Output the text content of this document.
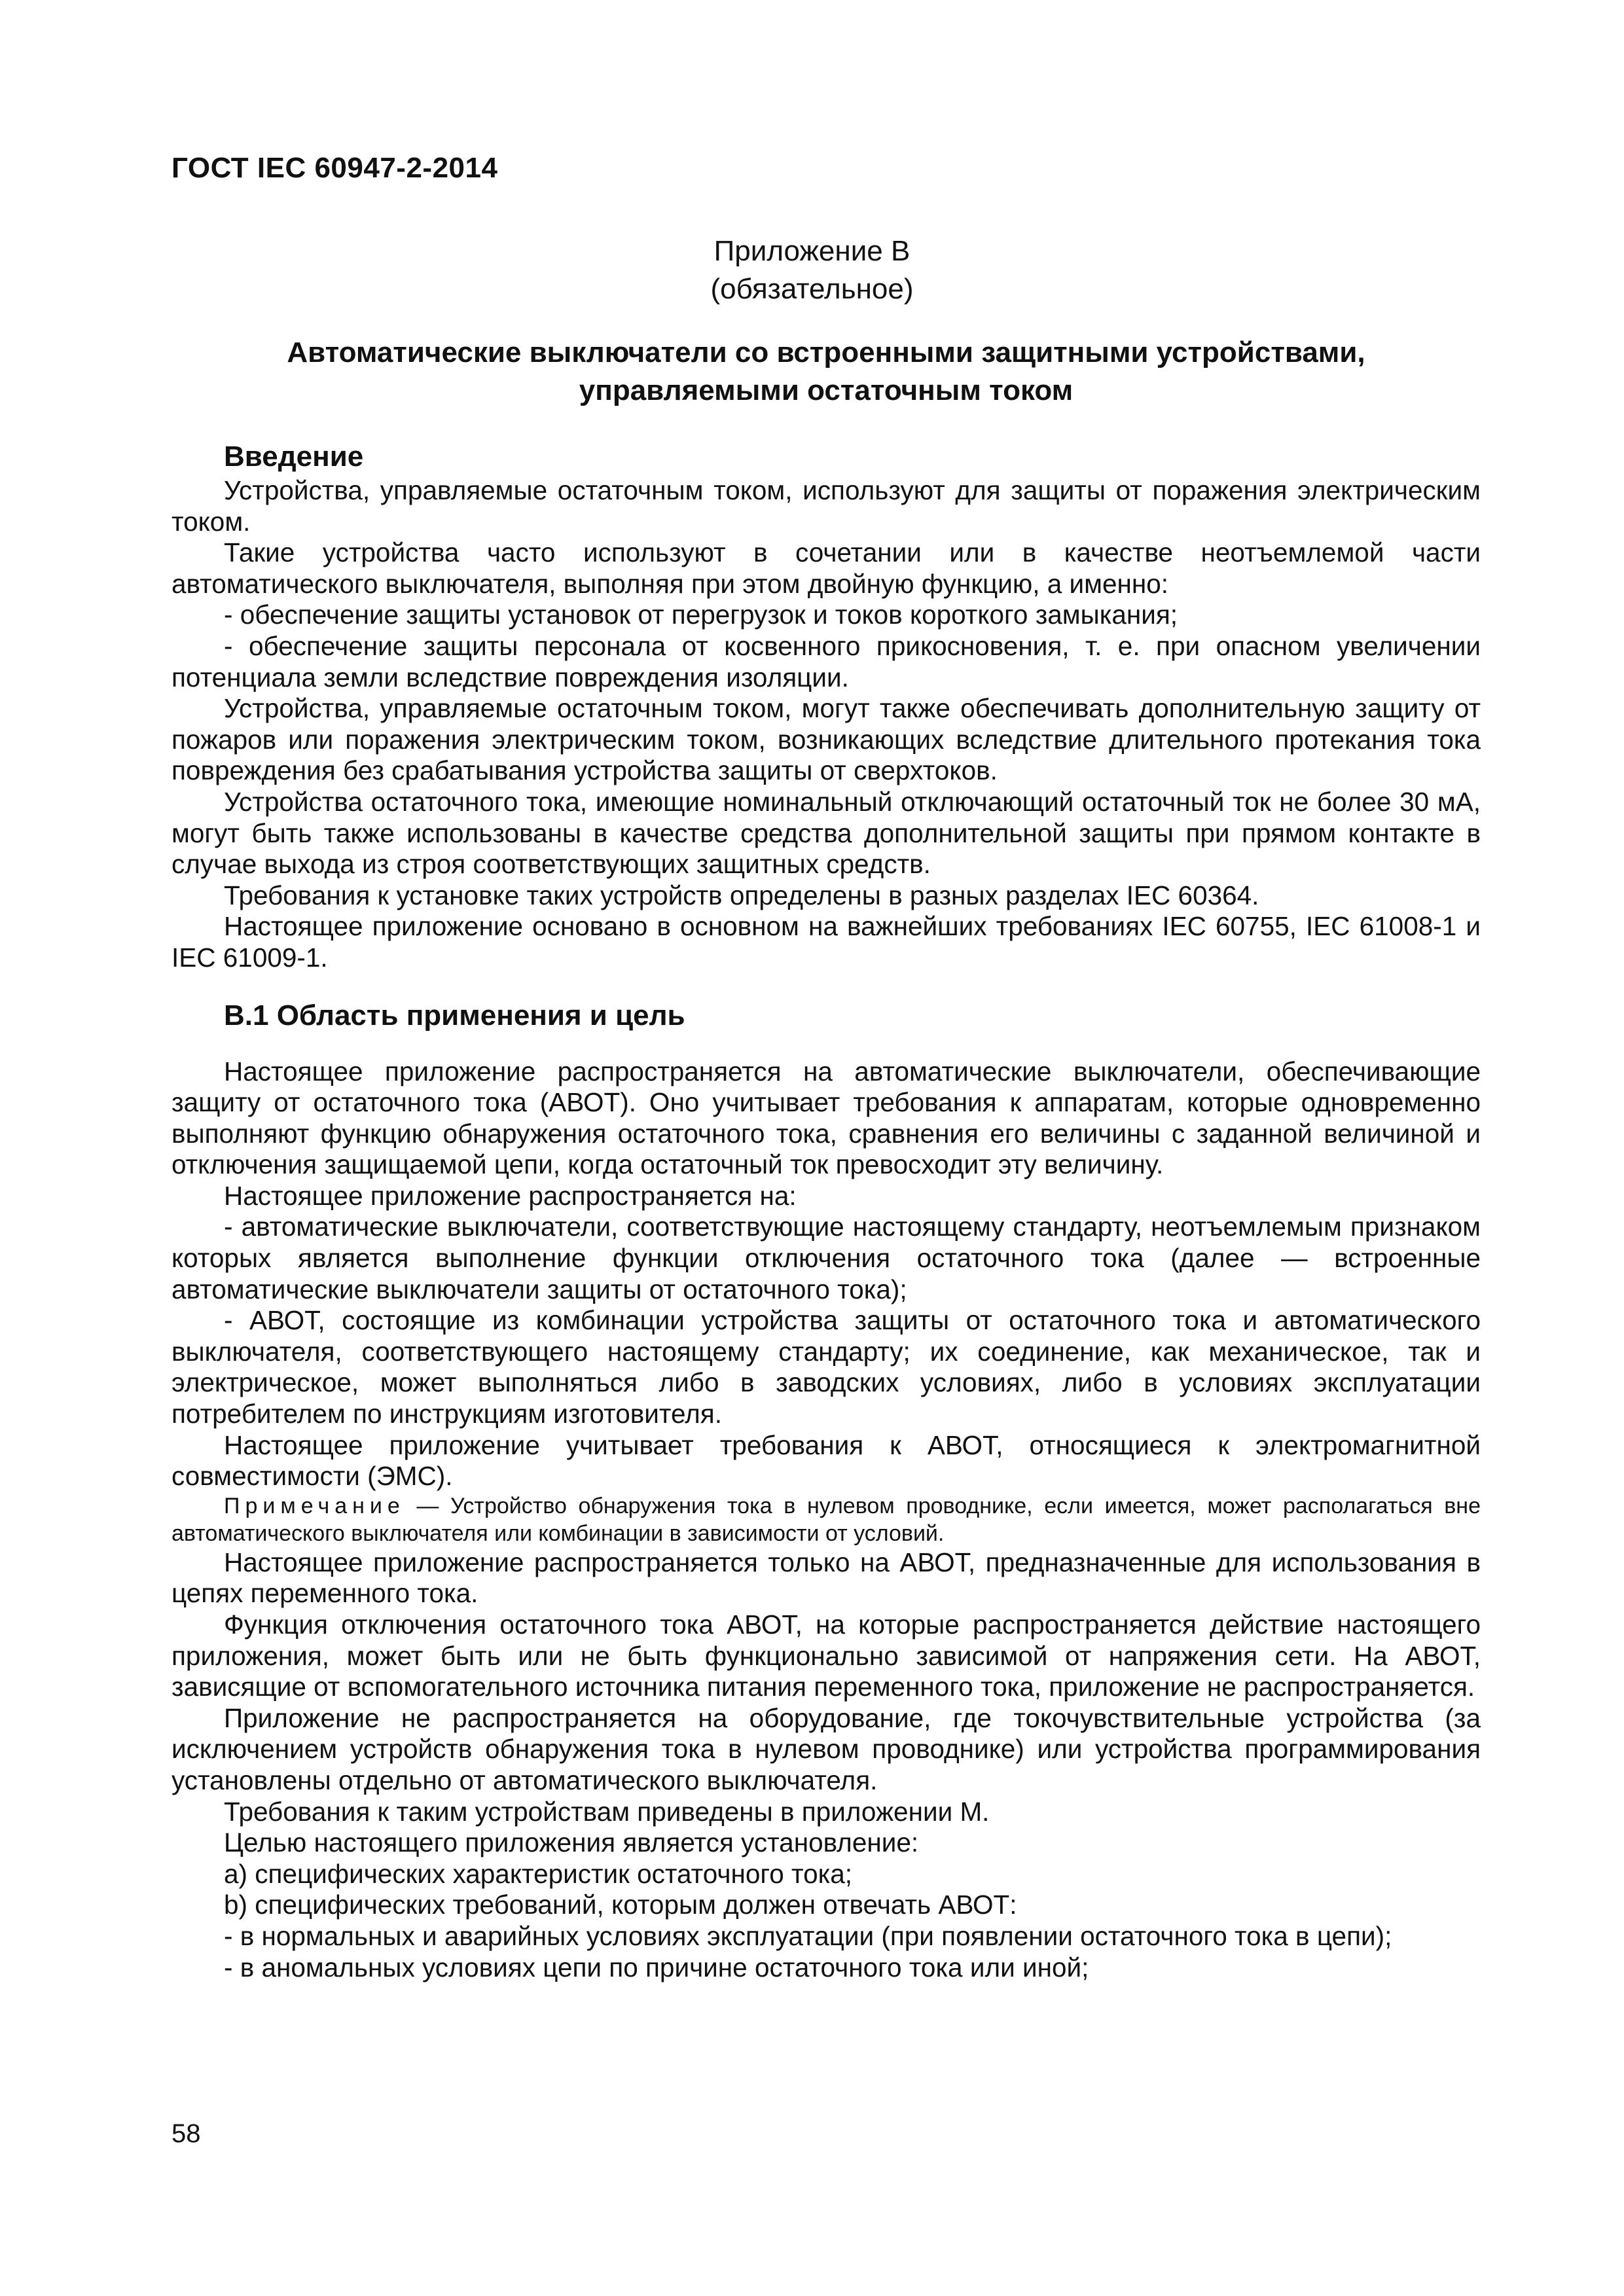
ГОСТ IEC 60947-2-2014
Приложение В
(обязательное)
Автоматические выключатели со встроенными защитными устройствами,
управляемыми остаточным током
Введение

Устройства, управляемые остаточным током, используют для защиты от поражения электрическим током.

Такие устройства часто используют в сочетании или в качестве неотъемлемой части автоматического выключателя, выполняя при этом двойную функцию, а именно:

- обеспечение защиты установок от перегрузок и токов короткого замыкания;

- обеспечение защиты персонала от косвенного прикосновения, т. е. при опасном увеличении потенциала земли вследствие повреждения изоляции.

Устройства, управляемые остаточным током, могут также обеспечивать дополнительную защиту от пожаров или поражения электрическим током, возникающих вследствие длительного протекания тока повреждения без срабатывания устройства защиты от сверхтоков.

Устройства остаточного тока, имеющие номинальный отключающий остаточный ток не более 30 мА, могут быть также использованы в качестве средства дополнительной защиты при прямом контакте в случае выхода из строя соответствующих защитных средств.

Требования к установке таких устройств определены в разных разделах IEC 60364.

Настоящее приложение основано в основном на важнейших требованиях IEC 60755, IEC 61008-1 и IEC 61009-1.

В.1 Область применения и цель

Настоящее приложение распространяется на автоматические выключатели, обеспечивающие защиту от остаточного тока (АВОТ). Оно учитывает требования к аппаратам, которые одновременно выполняют функцию обнаружения остаточного тока, сравнения его величины с заданной величиной и отключения защищаемой цепи, когда остаточный ток превосходит эту величину.

Настоящее приложение распространяется на:

- автоматические выключатели, соответствующие настоящему стандарту, неотъемлемым признаком которых является выполнение функции отключения остаточного тока (далее — встроенные автоматические выключатели защиты от остаточного тока);

- АВОТ, состоящие из комбинации устройства защиты от остаточного тока и автоматического выключателя, соответствующего настоящему стандарту; их соединение, как механическое, так и электрическое, может выполняться либо в заводских условиях, либо в условиях эксплуатации потребителем по инструкциям изготовителя.

Настоящее приложение учитывает требования к АВОТ, относящиеся к электромагнитной совместимости (ЭМС).

Примечание — Устройство обнаружения тока в нулевом проводнике, если имеется, может располагаться вне автоматического выключателя или комбинации в зависимости от условий.

Настоящее приложение распространяется только на АВОТ, предназначенные для использования в цепях переменного тока.

Функция отключения остаточного тока АВОТ, на которые распространяется действие настоящего приложения, может быть или не быть функционально зависимой от напряжения сети. На АВОТ, зависящие от вспомогательного источника питания переменного тока, приложение не распространяется.

Приложение не распространяется на оборудование, где токочувствительные устройства (за исключением устройств обнаружения тока в нулевом проводнике) или устройства программирования установлены отдельно от автоматического выключателя.

Требования к таким устройствам приведены в приложении М.

Целью настоящего приложения является установление:

a) специфических характеристик остаточного тока;

b) специфических требований, которым должен отвечать АВОТ:

- в нормальных и аварийных условиях эксплуатации (при появлении остаточного тока в цепи);

- в аномальных условиях цепи по причине остаточного тока или иной;

58
